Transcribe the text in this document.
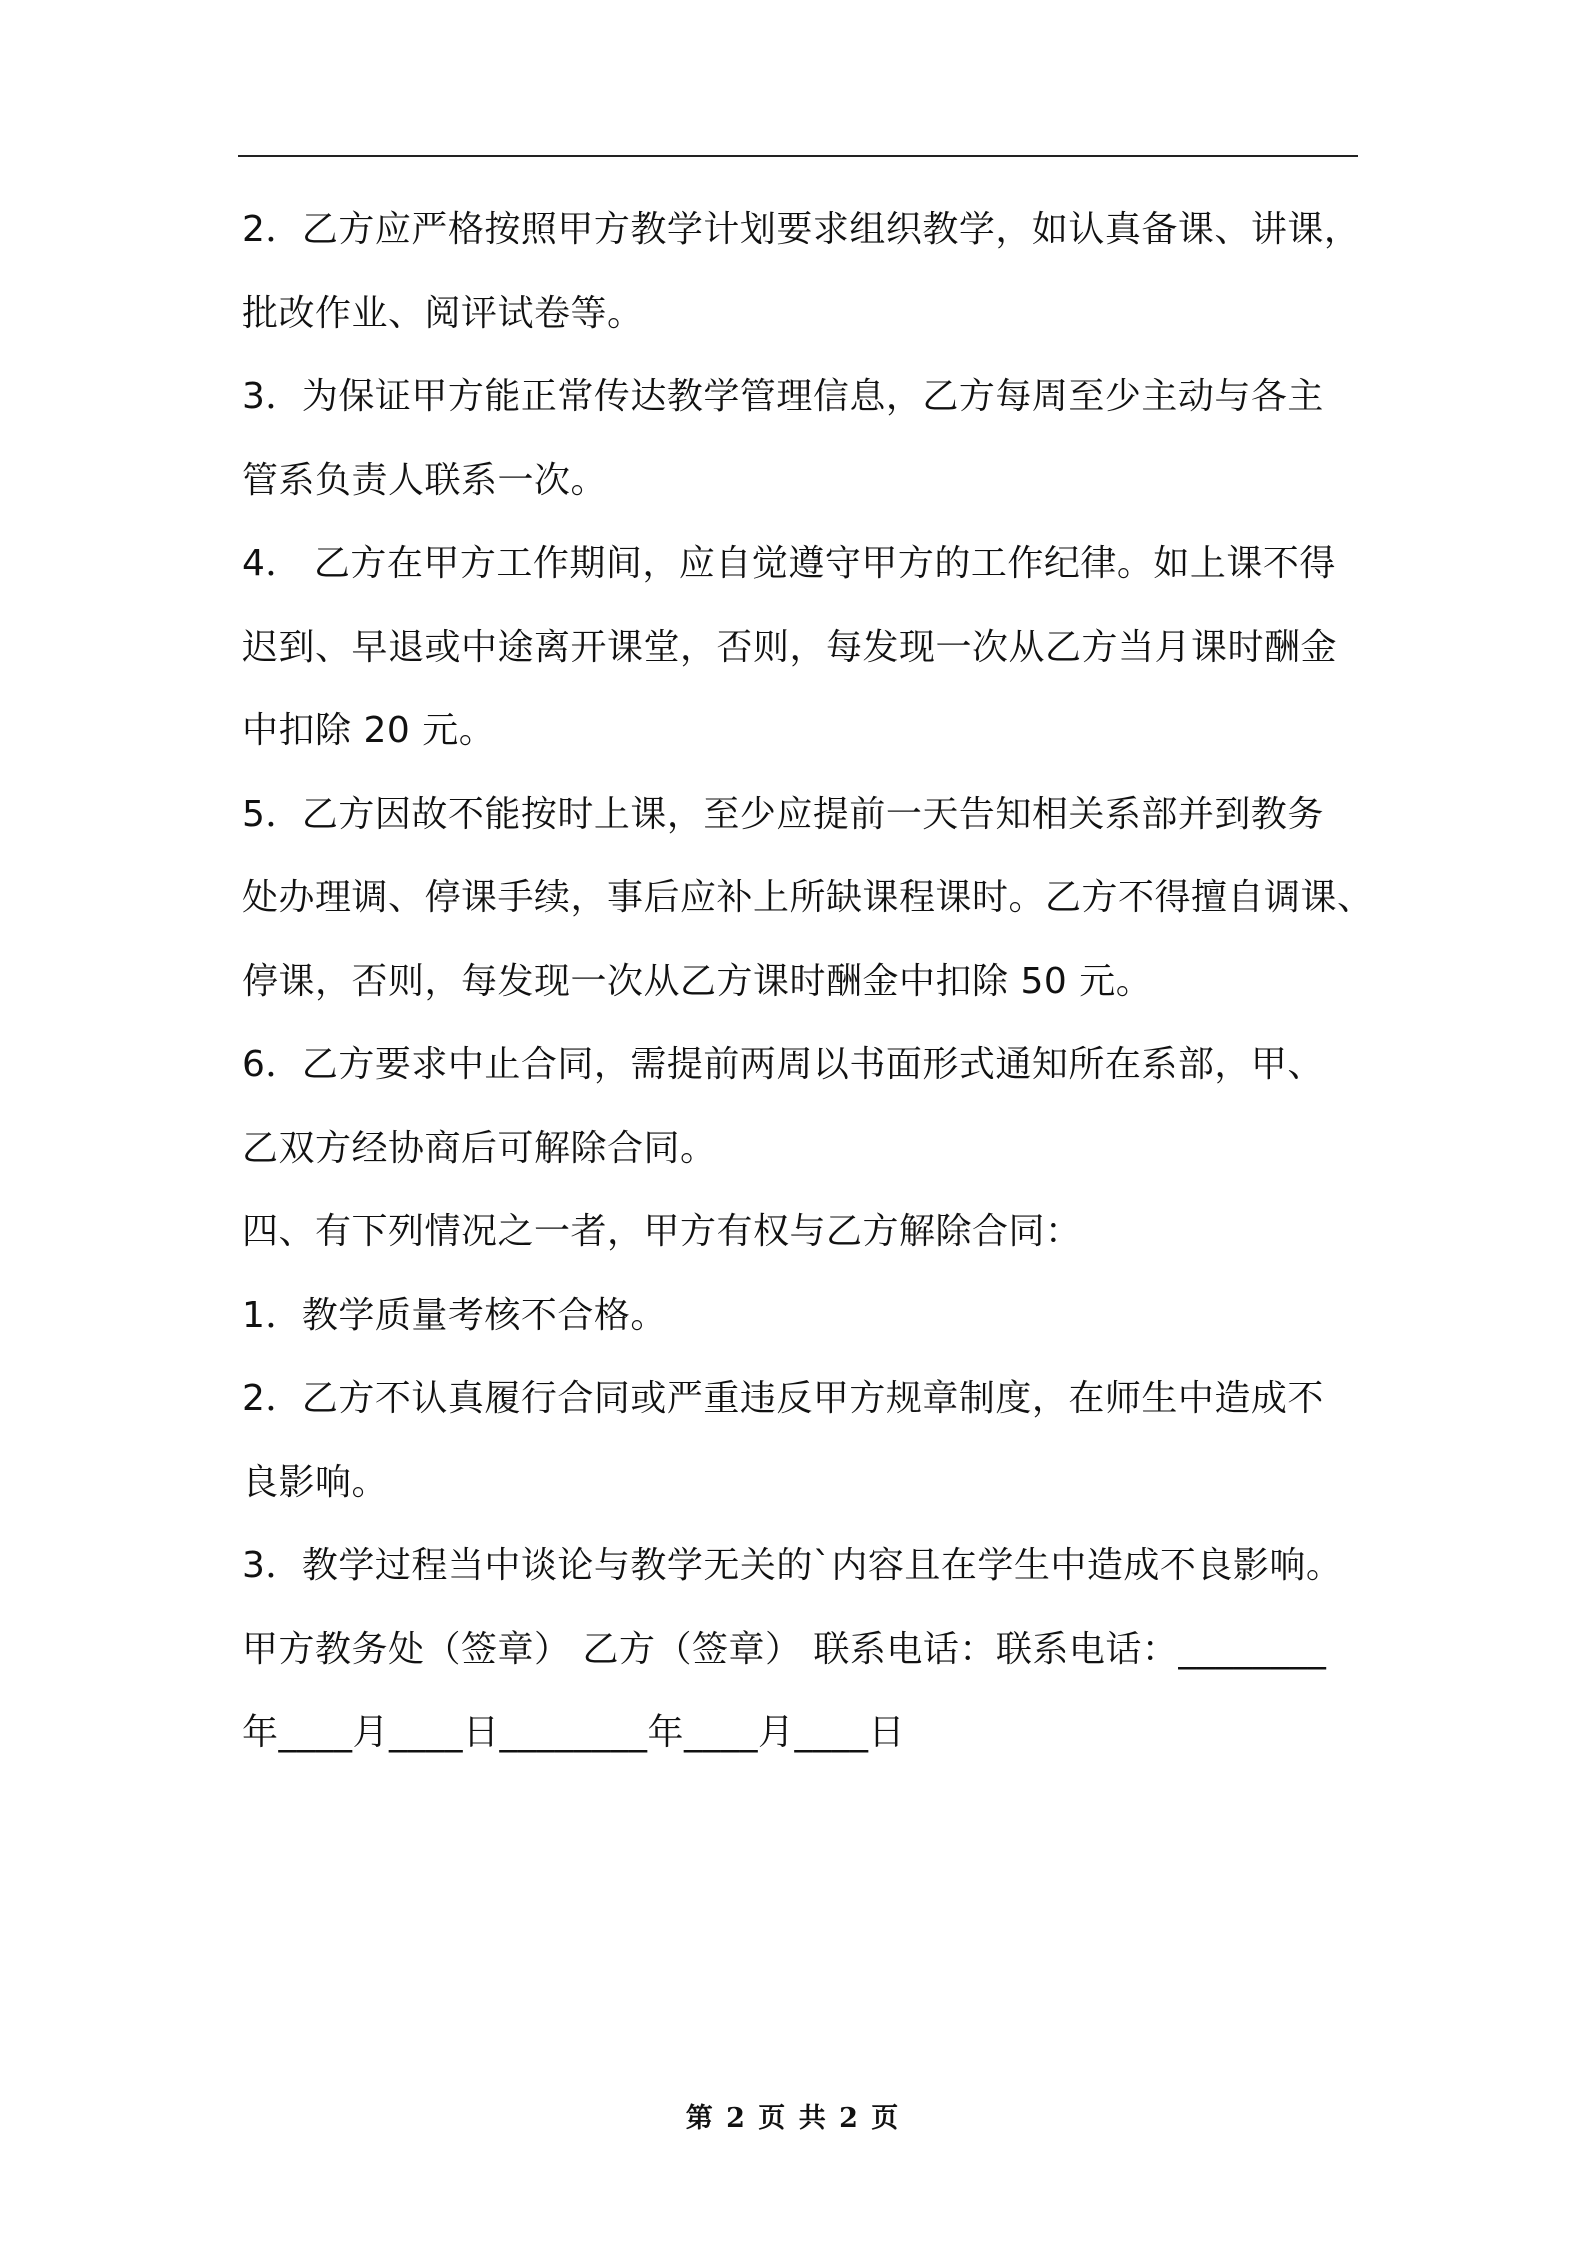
2．乙方应严格按照甲方教学计划要求组织教学，如认真备课、讲课，
批改作业、阅评试卷等。
3．为保证甲方能正常传达教学管理信息，乙方每周至少主动与各主
管系负责人联系一次。
4． 乙方在甲方工作期间，应自觉遵守甲方的工作纪律。如上课不得
迟到、早退或中途离开课堂，否则，每发现一次从乙方当月课时酬金
中扣除 20 元。
5．乙方因故不能按时上课，至少应提前一天告知相关系部并到教务
处办理调、停课手续，事后应补上所缺课程课时。乙方不得擅自调课、
停课，否则，每发现一次从乙方课时酬金中扣除 50 元。
6．乙方要求中止合同，需提前两周以书面形式通知所在系部，甲、
乙双方经协商后可解除合同。
四、有下列情况之一者，甲方有权与乙方解除合同：
1．教学质量考核不合格。
2．乙方不认真履行合同或严重违反甲方规章制度，在师生中造成不
良影响。
3．教学过程当中谈论与教学无关的`内容且在学生中造成不良影响。
甲方教务处（签章） 乙方（签章） 联系电话：联系电话：________
年____月____日________年____月____日
第 2 页 共 2 页
